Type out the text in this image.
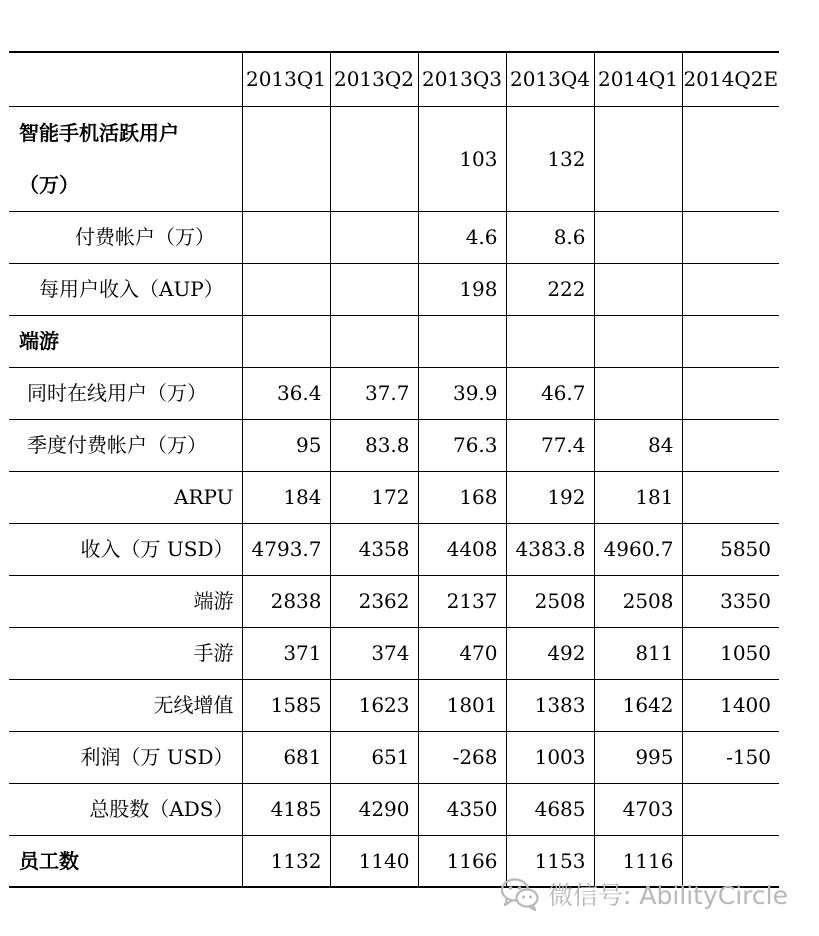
	2013Q1	2013Q2	2013Q3	2013Q4	2014Q1	2014Q2E

智能手机活跃用户
（万）			103	132		
付费帐户（万）			4.6	8.6		
每用户收入（AUP）			198	222		
端游						
同时在线用户（万）	36.4	37.7	39.9	46.7		
季度付费帐户（万）	95	83.8	76.3	77.4	84	
ARPU	184	172	168	192	181	
收入（万 USD）	4793.7	4358	4408	4383.8	4960.7	5850
端游	2838	2362	2137	2508	2508	3350
手游	371	374	470	492	811	1050
无线增值	1585	1623	1801	1383	1642	1400
利润（万 USD）	681	651	-268	1003	995	-150
总股数（ADS）	4185	4290	4350	4685	4703	
员工数	1132	1140	1166	1153	1116	
微信号: AbilityCircle
